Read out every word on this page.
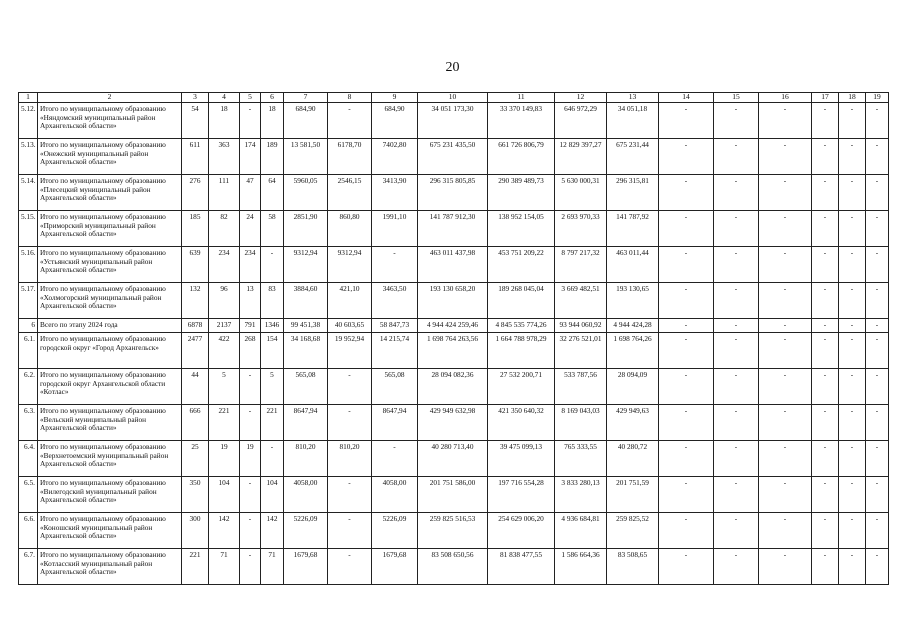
20
1	2	3	4	5	6	7	8	9	10	11	12	13	14	15	16	17	18	19
5.12.	Итого по муниципальному образованию «Няндомский муниципальный район Архангельской области»	54	18	-	18	684,90	-	684,90	34 051 173,30	33 370 149,83	646 972,29	34 051,18	-	-	-	-	-	-
5.13.	Итого по муниципальному образованию «Онежский муниципальный район Архангельской области»	611	363	174	189	13 581,50	6178,70	7402,80	675 231 435,50	661 726 806,79	12 829 397,27	675 231,44	-	-	-	-	-	-
5.14.	Итого по муниципальному образованию «Плесецкий муниципальный район Архангельской области»	276	111	47	64	5960,05	2546,15	3413,90	296 315 805,85	290 389 489,73	5 630 000,31	296 315,81	-	-	-	-	-	-
5.15.	Итого по муниципальному образованию «Приморский муниципальный район Архангельской области»	185	82	24	58	2851,90	860,80	1991,10	141 787 912,30	138 952 154,05	2 693 970,33	141 787,92	-	-	-	-	-	-
5.16.	Итого по муниципальному образованию «Устьянский муниципальный район Архангельской области»	639	234	234	-	9312,94	9312,94	-	463 011 437,98	453 751 209,22	8 797 217,32	463 011,44	-	-	-	-	-	-
5.17.	Итого по муниципальному образованию «Холмогорский муниципальный район Архангельской области»	132	96	13	83	3884,60	421,10	3463,50	193 130 658,20	189 268 045,04	3 669 482,51	193 130,65	-	-	-	-	-	-
6	Всего по этапу 2024 года	6878	2137	791	1346	99 451,38	40 603,65	58 847,73	4 944 424 259,46	4 845 535 774,26	93 944 060,92	4 944 424,28	-	-	-	-	-	-
6.1.	Итого по муниципальному образованию городской округ «Город Архангельск»	2477	422	268	154	34 168,68	19 952,94	14 215,74	1 698 764 263,56	1 664 788 978,29	32 276 521,01	1 698 764,26	-	-	-	-	-	-
6.2.	Итого по муниципальному образованию городской округ Архангельской области «Котлас»	44	5	-	5	565,08	-	565,08	28 094 082,36	27 532 200,71	533 787,56	28 094,09	-	-	-	-	-	-
6.3.	Итого по муниципальному образованию «Вельский муниципальный район Архангельской области»	666	221	-	221	8647,94	-	8647,94	429 949 632,98	421 350 640,32	8 169 043,03	429 949,63	-	-	-	-	-	-
6.4.	Итого по муниципальному образованию «Верхнетоемский муниципальный район Архангельской области»	25	19	19	-	810,20	810,20	-	40 280 713,40	39 475 099,13	765 333,55	40 280,72	-	-	-	-	-	-
6.5.	Итого по муниципальному образованию «Вилегодский муниципальный район Архангельской области»	350	104	-	104	4058,00	-	4058,00	201 751 586,00	197 716 554,28	3 833 280,13	201 751,59	-	-	-	-	-	-
6.6.	Итого по муниципальному образованию «Коношский муниципальный район Архангельской области»	300	142	-	142	5226,09	-	5226,09	259 825 516,53	254 629 006,20	4 936 684,81	259 825,52	-	-	-	-	-	-
6.7.	Итого по муниципальному образованию «Котласский муниципальный район Архангельской области»	221	71	-	71	1679,68	-	1679,68	83 508 650,56	81 838 477,55	1 586 664,36	83 508,65	-	-	-	-	-	-
